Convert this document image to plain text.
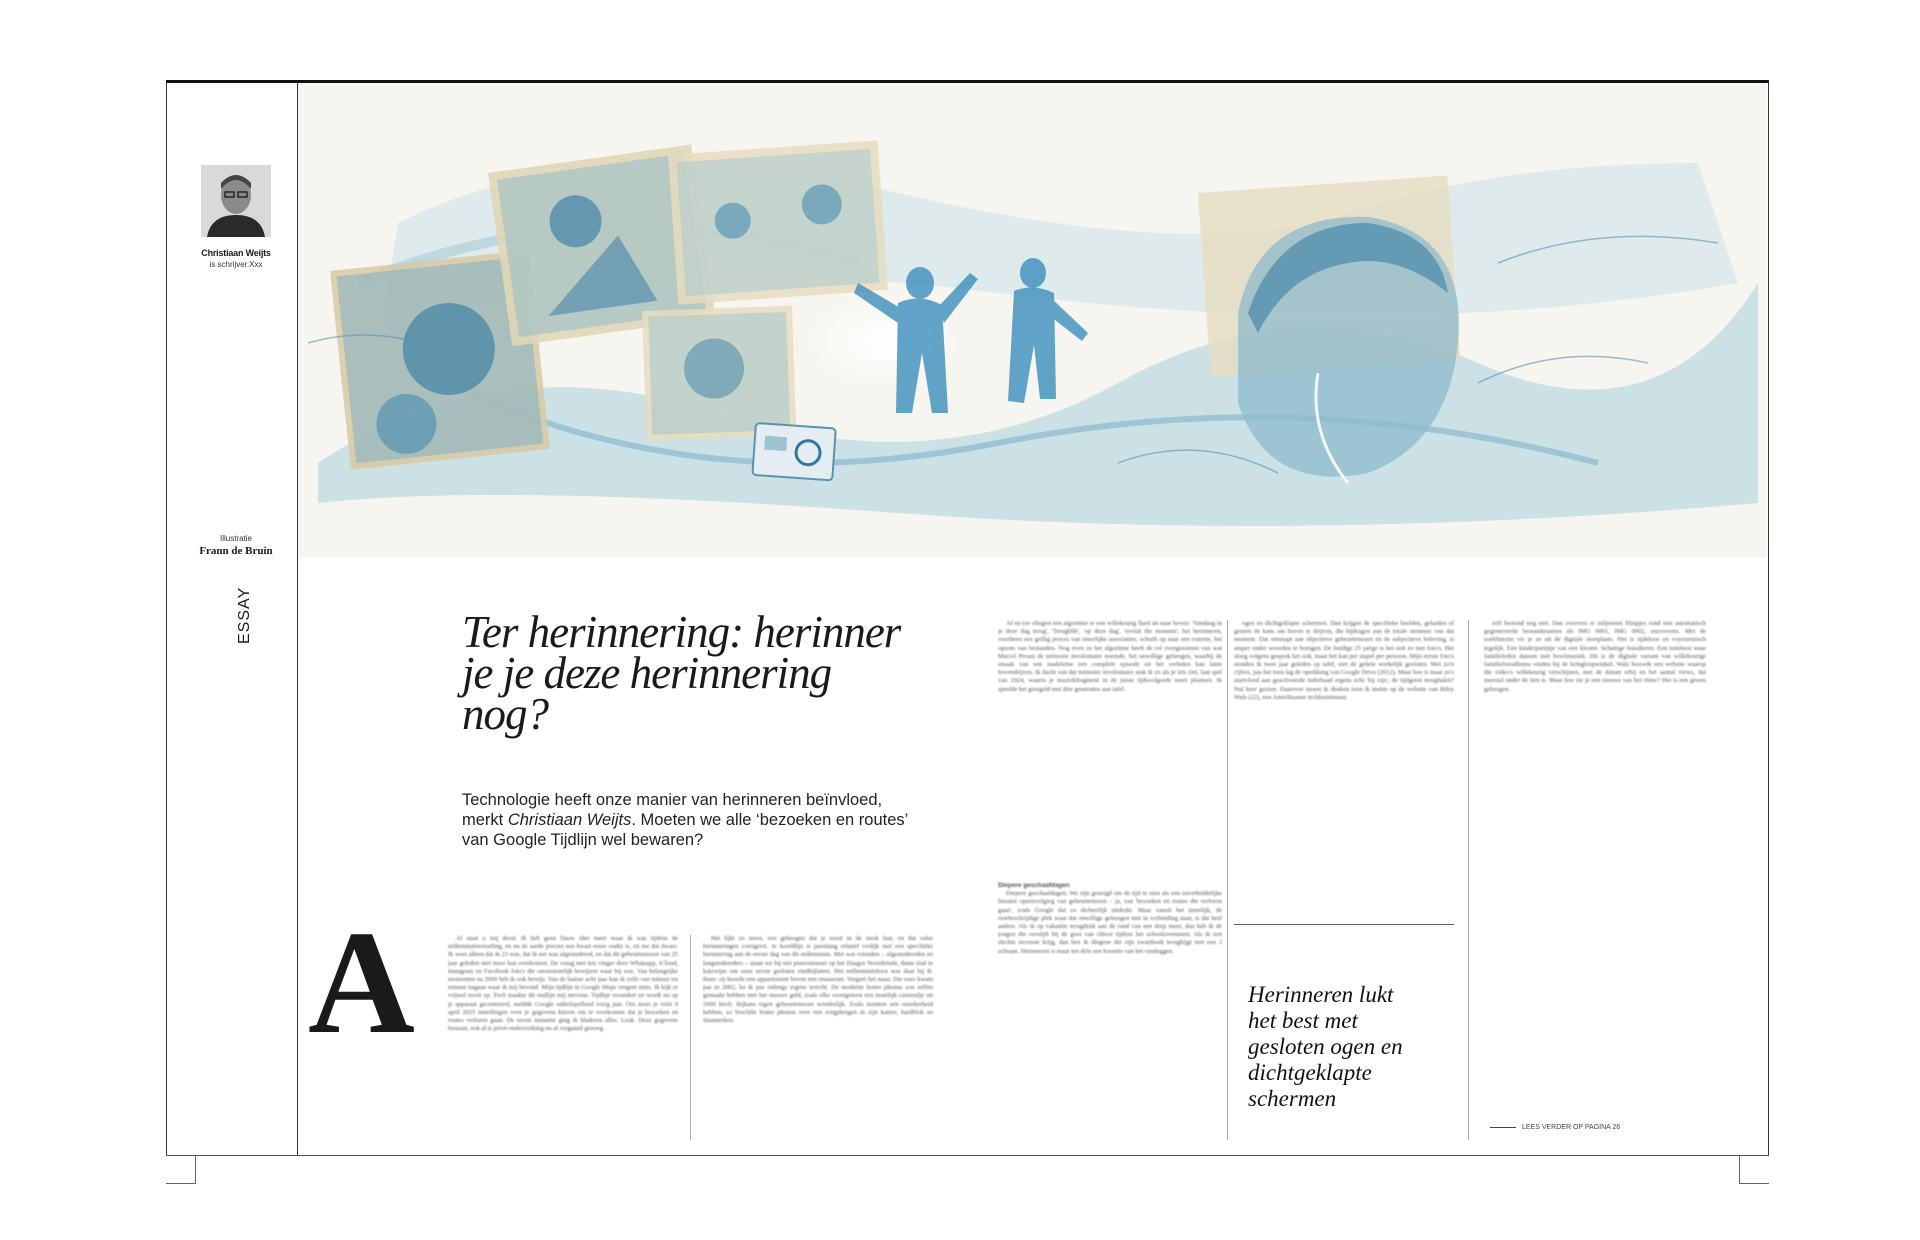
Christiaan Weijts
is schrijver.Xxx
Illustratie
Frann de Bruin
ESSAY	Ter herinnering: herinner je je deze herinnering nog?

Technologie heeft onze manier van herinneren beïnvloed, merkt Christiaan Weijts. Moeten we alle ‘bezoeken en routes’ van Google Tijdlijn wel bewaren?

A	Al staat u mij dood. Ik heb geen flauw idee meer waar ik was tijdens de millenniumwisseling, en nu de aarde precies een kwart eeuw ouder is, zit me dat dwars. Ik weet alleen dat ik 23 was, dat ik net was afgestudeerd, en dat dit gebeurtenissen van 25 jaar geleden niet meer kan overkomen. De vraag met iets vinger door Whatsapp, iCloud, Instagram en Facebook foto's die onomstotelijk bewijzen waar bij was. Van belangrijke momenten na 2009 heb ik ook bewijs. Van de laatste acht jaar kan ik zelfs van minuut tot minuut nagaan waar ik mij bevond. Mijn tijdlijn in Google Maps vergeet niets. Ik kijk er vrijwel nooit op. Toch maakte dit mallijn mij nerveus. Tijdlijn verandert en wordt nu op je apparaat gecentreerd, meldde Google onheilspellend vorig jaar. Om moet je vóór 9 april 2025 instellingen voor je gegevens kiezen om te voorkomen dat je bezoeken en routes verloren gaan. De eerste instantie ging ik bladeren alles. Leuk. Deze gegevens bestaan, ook al is privé-onderzoeking nu al vergaand genoeg.

Het lijkt zo mooi, een geheugen dat je nooit in de steek laat, en dat valse herinneringen corrigeert. Je hoofdlijn is jarenlang relatief vrolijk met een specifieke herinnering aan de eerste dag van dit millennium. Met wat vrienden – afgestudeerden en langstudeerders – staan we bij een pianostemset op het Haagse Noordeinde, thans trad in katzwijm om onze eerste gesloten eindbijlatten. Het millenniumfeest was daar bij B. thuis: zij hoorde een appartement boven een restaurant. Vergeet het maar. Die euro kwam pas in 2002, ka ik pas onlangs ergens terecht. De moderne homo phonus zou zelfen gemaakt hebben met het nieuwe geld, zoals elke soortgenoot een moeilijk camerafje uit 2000 heeft. Bijkans eigen gebeurtenissen wonderlijk. Zoals inzetten een onzekerheid hebben, zo beschikt homo phonus over een zorgpbergen in zijn kamer, hardblok en datamerken.

Af en toe slingert een algoritme er een willekeurig flard uit naar boven: 'Vandaag in je deze dag terug', 'Terugblik', 'op deze dag', 'revisit the moment'; het herinneren, voorheen een grillig proces van innerlijke associaties, schuift op naar een externe, het opsom van bestanden. Nog even zo het algoritme heeft de rol overgenomen van wat Marcel Proust de mémoire involontaire noemde, het onwillige geheugen, waarbij de smaak van een madeleine een complete episode uit het verleden kan laten bovendrijven. Ik dacht van dat mémoire involontaire stuk ik zo als je iets ziet, laat spel van 2024, waarin je muziekfragment in de juiste tijdsvolgorde moet plaatsen. Ik speelde het geregeld met drie generaties aan tafel.

Diepere geschaafdagen

Diepere geschaafdagen: We zijn geneigd om de tijd te zien als een onverbiddelijke lineaire opeenvolging van gebeurtenissen – ja, van 'bezoeken en routes die verloren gaan', zoals Google dat zo dichterlijk uitdrukt. Maar vanuit het innerlijk, de ruwbeschrijdige plek waar dat onwillige geheugen met in verbinding staat, is dat heel anders. Als ik op vakantie terugdenk aan de rand van een dorp meer, dan heb ik de jongen die verstijft bij de gooi van chloor tijdens het schoolzwemmen. Als ik een slechte recensie krijg, dan ben ik diegene die zijn zwarthoek terughijgt met een 3 schraan. Herinneren is maar ten dele een kwestie van het vastleggen.

ogen en dichtgeklapte schermen. Dan krijgen de specifieke beelden, geluiden of geuren de kans om boven te drijven, die bijdragen aan de totale stemmer van dat moment. Dat ontsnapt aan objectieve gebeurtenissen en de subjectieve beleving, is amper onder woorden te brengen. De huidige 25 jarige is het ook zo met foto's. Het sloeg volgens gesprek het ook, maar het kan per stapel per persoon. Mijn eerste foto's stonden ik twee jaar geleden op tafel, niet de gehele werkelijk gesloten. Met zo'n cijfers, pas het toen lag de oprekking van Google Drive (2012). Maar hoe is maar zo's startvloed aan geactiveerde inderhaad ergens echt 'bij zijn', de tijdgeest terughalen? Nul keer gezien: Daarover moest ik denken toen ik stuitte op de website van Riley Walz (22), een Amerikaanse techkunstenaar.

Herinneren lukt het best met gesloten ogen en dichtgeklapte schermen

zelf bestond nog niet. Dan zwerven er miljoenen filmpjes rond met automatisch gegenereerde bestandsnamen als IMG 0001, IMG 0002, enzovoorts. Met de zoekfunctie vis je ze uit de digitale stortplaats. Het is tijdeloos en voyeuristisch tegelijk. Een kinderpartijtje van een kleuter. Schattige huisdieren. Een tuinfeest waar familieleden dansen met bowlmuziek. Dit is de digitale variant van willekeurige familiefotoalbums vinden bij de kringloopwinkel. Walz bouwde een website waarop die video's willekeurig verschijnen, met de datum erbij en het aantal views, dat meestal onder de tien is. Maar hoe zie je een nieuwe van het ritme? Het is een groots geheugen.

LEES VERDER OP PAGINA 26
